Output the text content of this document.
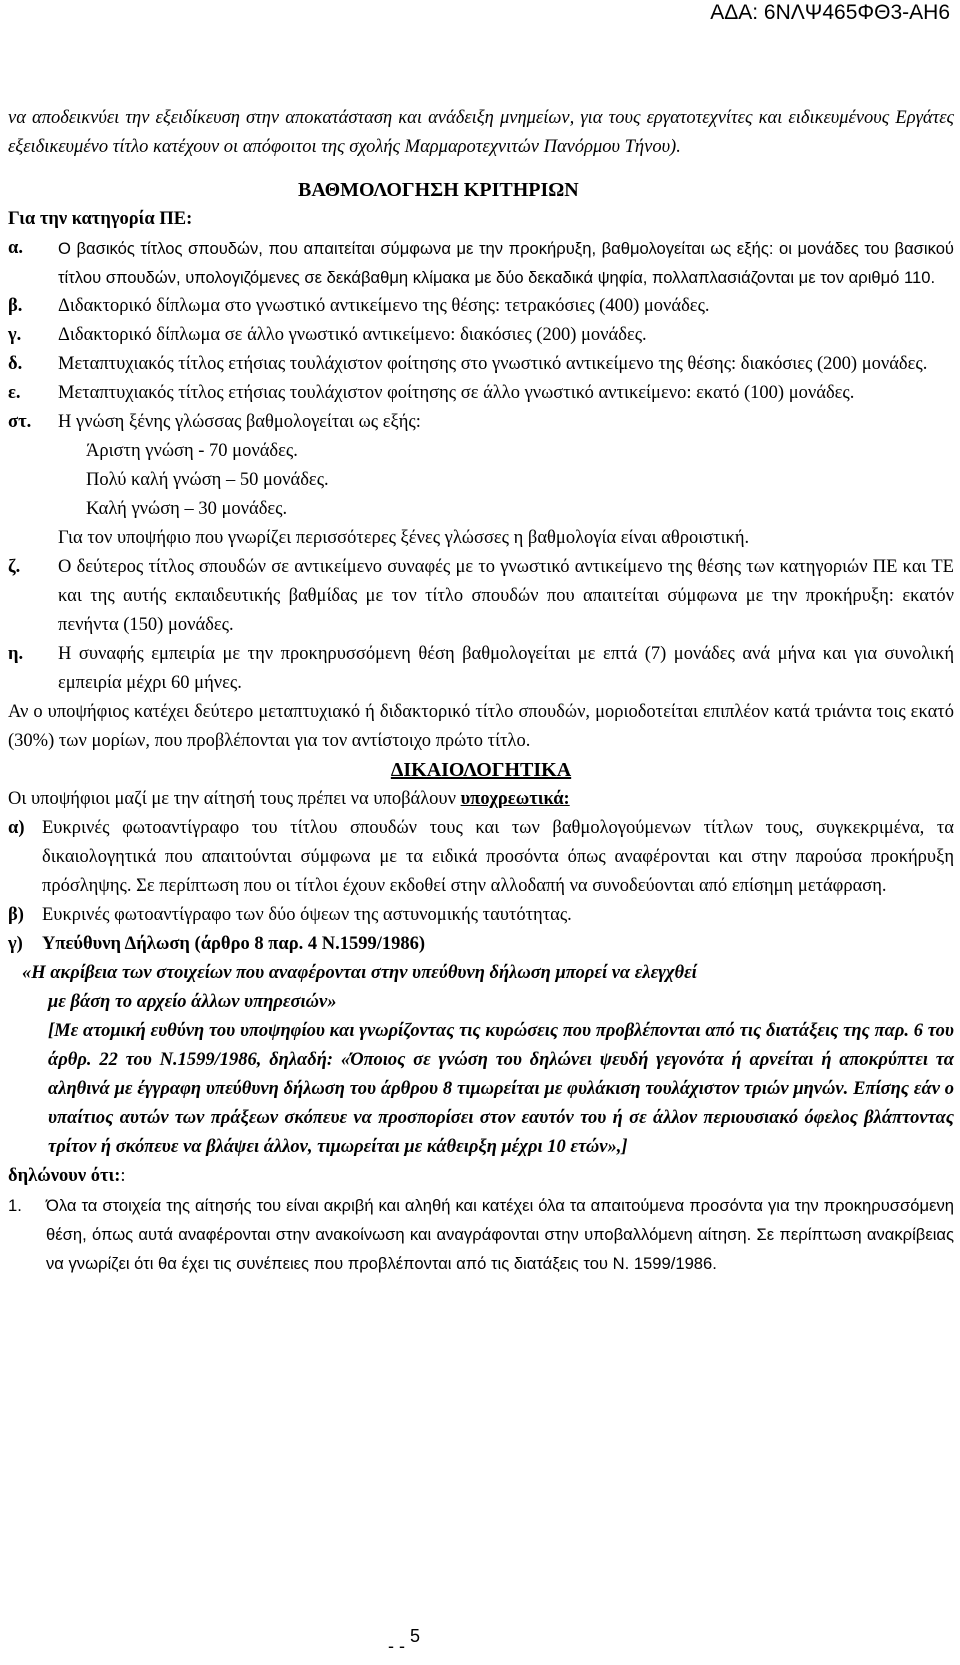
ΑΔΑ: 6ΝΛΨ465ΦΘ3-ΑΗ6

να αποδεικνύει την εξειδίκευση στην αποκατάσταση και ανάδειξη μνημείων, για τους εργατοτεχνίτες και ειδικευμένους Εργάτες εξειδικευμένο τίτλο κατέχουν οι απόφοιτοι της σχολής Μαρμαροτεχνιτών Πανόρμου Τήνου).

ΒΑΘΜΟΛΟΓΗΣΗ ΚΡΙΤΗΡΙΩΝ

Για την κατηγορία ΠΕ:

α.	Ο βασικός τίτλος σπουδών, που απαιτείται σύμφωνα με την προκήρυξη, βαθμολογείται ως εξής: οι μονάδες του βασικού τίτλου σπουδών, υπολογιζόμενες σε δεκάβαθμη κλίμακα με δύο δεκαδικά ψηφία, πολλαπλασιάζονται με τον αριθμό 110.
β.	Διδακτορικό δίπλωμα στο γνωστικό αντικείμενο της θέσης: τετρακόσιες (400) μονάδες.
γ.	Διδακτορικό δίπλωμα σε άλλο γνωστικό αντικείμενο: διακόσιες (200) μονάδες.
δ.	Μεταπτυχιακός τίτλος ετήσιας τουλάχιστον φοίτησης στο γνωστικό αντικείμενο της θέσης: διακόσιες (200) μονάδες.
ε.	Μεταπτυχιακός τίτλος ετήσιας τουλάχιστον φοίτησης σε άλλο γνωστικό αντικείμενο: εκατό (100) μονάδες.
στ.	Η γνώση ξένης γλώσσας βαθμολογείται ως εξής:

Άριστη γνώση - 70 μονάδες.

Πολύ καλή γνώση – 50 μονάδες.

Καλή γνώση – 30 μονάδες.

Για τον υποψήφιο που γνωρίζει περισσότερες ξένες γλώσσες η βαθμολογία είναι αθροιστική.

ζ.	Ο δεύτερος τίτλος σπουδών σε αντικείμενο συναφές με το γνωστικό αντικείμενο της θέσης των κατηγοριών ΠΕ και ΤΕ και της αυτής εκπαιδευτικής βαθμίδας με τον τίτλο σπουδών που απαιτείται σύμφωνα με την προκήρυξη: εκατόν πενήντα (150) μονάδες.
η.	Η συναφής εμπειρία με την προκηρυσσόμενη θέση βαθμολογείται με επτά (7) μονάδες ανά μήνα και για συνολική εμπειρία μέχρι 60 μήνες.

Αν ο υποψήφιος κατέχει δεύτερο μεταπτυχιακό ή διδακτορικό τίτλο σπουδών, μοριοδοτείται επιπλέον κατά τριάντα τοις εκατό (30%) των μορίων, που προβλέπονται για τον αντίστοιχο πρώτο τίτλο.

ΔΙΚΑΙΟΛΟΓΗΤΙΚΑ

Οι υποψήφιοι μαζί με την αίτησή τους πρέπει να υποβάλουν υποχρεωτικά:

α) Ευκρινές φωτοαντίγραφο του τίτλου σπουδών τους και των βαθμολογούμενων τίτλων τους, συγκεκριμένα, τα δικαιολογητικά που απαιτούνται σύμφωνα με τα ειδικά προσόντα όπως αναφέρονται και στην παρούσα προκήρυξη πρόσληψης. Σε περίπτωση που οι τίτλοι έχουν εκδοθεί στην αλλοδαπή να συνοδεύονται από επίσημη μετάφραση.
β) Ευκρινές φωτοαντίγραφο των δύο όψεων της αστυνομικής ταυτότητας.
γ)	Υπεύθυνη Δήλωση (άρθρο 8 παρ. 4 Ν.1599/1986)

«Η ακρίβεια των στοιχείων που αναφέρονται στην υπεύθυνη δήλωση μπορεί να ελεγχθεί

με βάση το αρχείο άλλων υπηρεσιών»

[Με ατομική ευθύνη του υποψηφίου και γνωρίζοντας τις κυρώσεις που προβλέπονται από τις διατάξεις της παρ. 6 του άρθρ. 22 του Ν.1599/1986, δηλαδή: «Όποιος σε γνώση του δηλώνει ψευδή γεγονότα ή αρνείται ή αποκρύπτει τα αληθινά με έγγραφη υπεύθυνη δήλωση του άρθρου 8 τιμωρείται με φυλάκιση τουλάχιστον τριών μηνών. Επίσης εάν ο υπαίτιος αυτών των πράξεων σκόπευε να προσπορίσει στον εαυτόν του ή σε άλλον περιουσιακό όφελος βλάπτοντας τρίτον ή σκόπευε να βλάψει άλλον, τιμωρείται με κάθειρξη μέχρι 10 ετών»,]

δηλώνουν ότι::

1.	Όλα τα στοιχεία της αίτησής του είναι ακριβή και αληθή και κατέχει όλα τα απαιτούμενα προσόντα για την προκηρυσσόμενη θέση, όπως αυτά αναφέρονται στην ανακοίνωση και αναγράφονται στην υποβαλλόμενη αίτηση. Σε περίπτωση ανακρίβειας να γνωρίζει ότι θα έχει τις συνέπειες που προβλέπονται από τις διατάξεις του Ν. 1599/1986.
- - 5
